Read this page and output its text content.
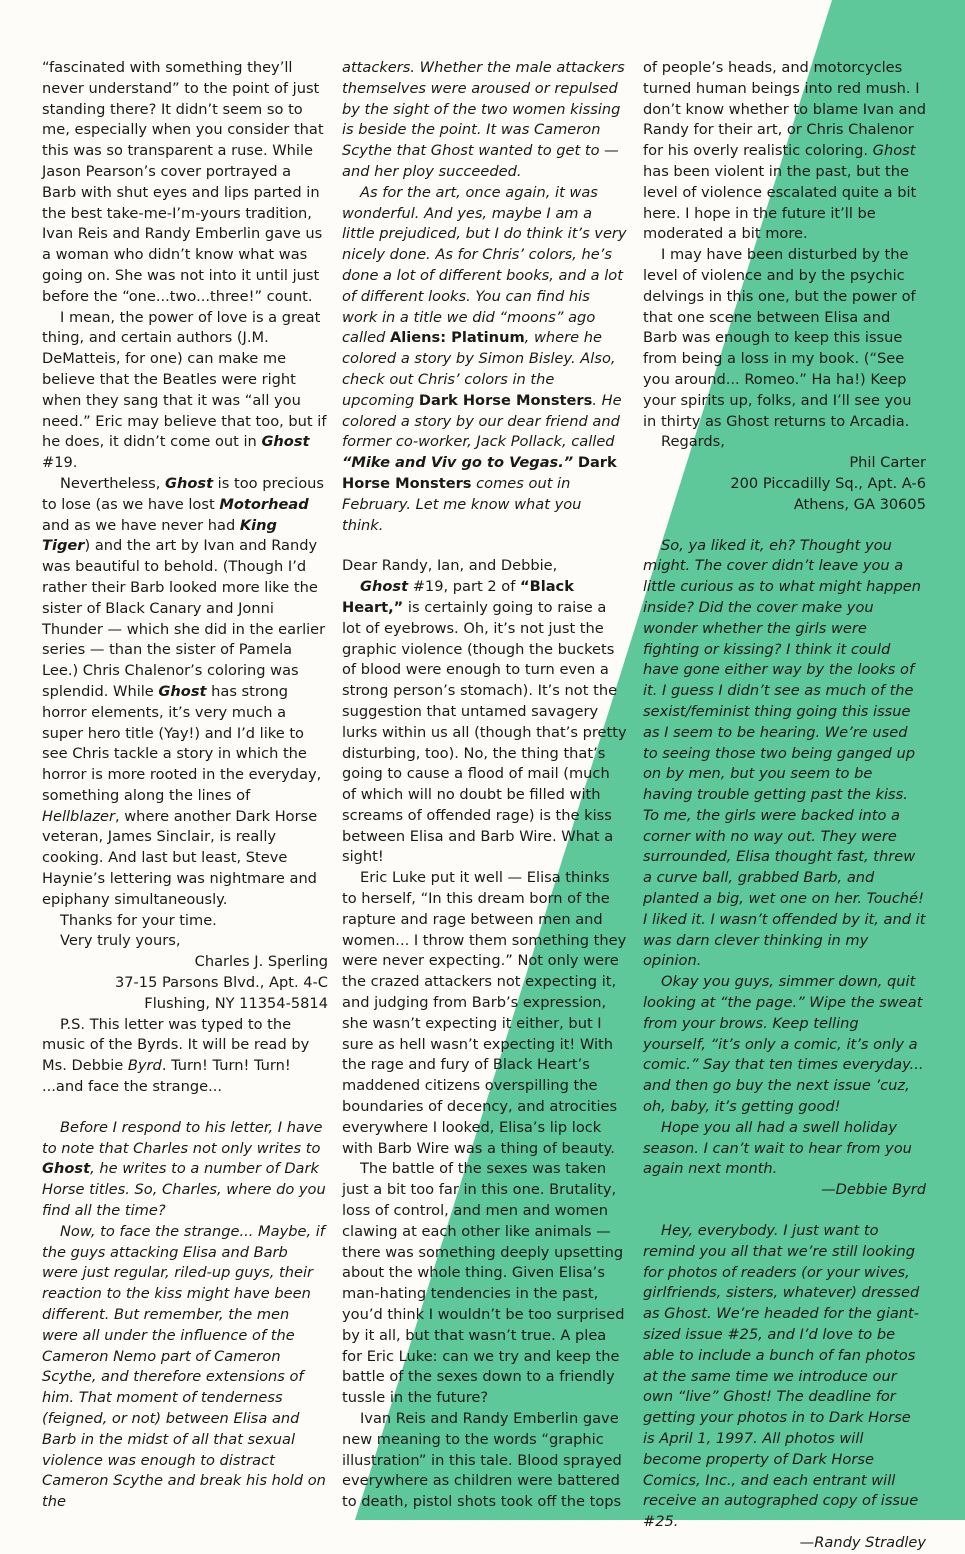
“fascinated with something they’ll never understand” to the point of just standing there? It didn’t seem so to me, especially when you consider that this was so transparent a ruse. While Jason Pearson’s cover portrayed a Barb with shut eyes and lips parted in the best take-me-I’m-yours tradition, Ivan Reis and Randy Emberlin gave us a woman who didn’t know what was going on. She was not into it until just before the “one...two...three!” count.

I mean, the power of love is a great thing, and certain authors (J.M. DeMatteis, for one) can make me believe that the Beatles were right when they sang that it was “all you need.” Eric may believe that too, but if he does, it didn’t come out in Ghost #19.

Nevertheless, Ghost is too precious to lose (as we have lost Motorhead and as we have never had King Tiger) and the art by Ivan and Randy was beautiful to behold. (Though I’d rather their Barb looked more like the sister of Black Canary and Jonni Thunder — which she did in the earlier series — than the sister of Pamela Lee.) Chris Chalenor’s coloring was splendid. While Ghost has strong horror elements, it’s very much a super hero title (Yay!) and I’d like to see Chris tackle a story in which the horror is more rooted in the everyday, something along the lines of Hellblazer, where another Dark Horse veteran, James Sinclair, is really cooking. And last but least, Steve Haynie’s lettering was nightmare and epiphany simultaneously.

Thanks for your time.

Very truly yours,

Charles J. Sperling

37-15 Parsons Blvd., Apt. 4-C

Flushing, NY 11354-5814

P.S. This letter was typed to the music of the Byrds. It will be read by Ms. Debbie Byrd. Turn! Turn! Turn! ...and face the strange...

Before I respond to his letter, I have to note that Charles not only writes to Ghost, he writes to a number of Dark Horse titles. So, Charles, where do you find all the time?

Now, to face the strange... Maybe, if the guys attacking Elisa and Barb were just regular, riled-up guys, their reaction to the kiss might have been different. But remember, the men were all under the influence of the Cameron Nemo part of Cameron Scythe, and therefore extensions of him. That moment of tenderness (feigned, or not) between Elisa and Barb in the midst of all that sexual violence was enough to distract Cameron Scythe and break his hold on the

attackers. Whether the male attackers themselves were aroused or repulsed by the sight of the two women kissing is beside the point. It was Cameron Scythe that Ghost wanted to get to — and her ploy succeeded.

As for the art, once again, it was wonderful. And yes, maybe I am a little prejudiced, but I do think it’s very nicely done. As for Chris’ colors, he’s done a lot of different books, and a lot of different looks. You can find his work in a title we did “moons” ago called Aliens: Platinum, where he colored a story by Simon Bisley. Also, check out Chris’ colors in the upcoming Dark Horse Monsters. He colored a story by our dear friend and former co-worker, Jack Pollack, called “Mike and Viv go to Vegas.” Dark Horse Monsters comes out in February. Let me know what you think.

Dear Randy, Ian, and Debbie,

Ghost #19, part 2 of “Black Heart,” is certainly going to raise a lot of eyebrows. Oh, it’s not just the graphic violence (though the buckets of blood were enough to turn even a strong person’s stomach). It’s not the suggestion that untamed savagery lurks within us all (though that’s pretty disturbing, too). No, the thing that’s going to cause a flood of mail (much of which will no doubt be filled with screams of offended rage) is the kiss between Elisa and Barb Wire. What a sight!

Eric Luke put it well — Elisa thinks to herself, “In this dream born of the rapture and rage between men and women... I throw them something they were never expecting.” Not only were the crazed attackers not expecting it, and judging from Barb’s expression, she wasn’t expecting it either, but I sure as hell wasn’t expecting it! With the rage and fury of Black Heart’s maddened citizens overspilling the boundaries of decency, and atrocities everywhere I looked, Elisa’s lip lock with Barb Wire was a thing of beauty.

The battle of the sexes was taken just a bit too far in this one. Brutality, loss of control, and men and women clawing at each other like animals — there was something deeply upsetting about the whole thing. Given Elisa’s man-hating tendencies in the past, you’d think I wouldn’t be too surprised by it all, but that wasn’t true. A plea for Eric Luke: can we try and keep the battle of the sexes down to a friendly tussle in the future?

Ivan Reis and Randy Emberlin gave new meaning to the words “graphic illustration” in this tale. Blood sprayed everywhere as children were battered to death, pistol shots took off the tops

of people’s heads, and motorcycles turned human beings into red mush. I don’t know whether to blame Ivan and Randy for their art, or Chris Chalenor for his overly realistic coloring. Ghost has been violent in the past, but the level of violence escalated quite a bit here. I hope in the future it’ll be moderated a bit more.

I may have been disturbed by the level of violence and by the psychic delvings in this one, but the power of that one scene between Elisa and Barb was enough to keep this issue from being a loss in my book. (“See you around... Romeo.” Ha ha!) Keep your spirits up, folks, and I’ll see you in thirty as Ghost returns to Arcadia.

Regards,

Phil Carter

200 Piccadilly Sq., Apt. A-6

Athens, GA 30605

So, ya liked it, eh? Thought you might. The cover didn’t leave you a little curious as to what might happen inside? Did the cover make you wonder whether the girls were fighting or kissing? I think it could have gone either way by the looks of it. I guess I didn’t see as much of the sexist/feminist thing going this issue as I seem to be hearing. We’re used to seeing those two being ganged up on by men, but you seem to be having trouble getting past the kiss. To me, the girls were backed into a corner with no way out. They were surrounded, Elisa thought fast, threw a curve ball, grabbed Barb, and planted a big, wet one on her. Touché! I liked it. I wasn’t offended by it, and it was darn clever thinking in my opinion.

Okay you guys, simmer down, quit looking at “the page.” Wipe the sweat from your brows. Keep telling yourself, “it’s only a comic, it’s only a comic.” Say that ten times everyday... and then go buy the next issue ’cuz, oh, baby, it’s getting good!

Hope you all had a swell holiday season. I can’t wait to hear from you again next month.

—Debbie Byrd

Hey, everybody. I just want to remind you all that we’re still looking for photos of readers (or your wives, girlfriends, sisters, whatever) dressed as Ghost. We’re headed for the giant-sized issue #25, and I’d love to be able to include a bunch of fan photos at the same time we introduce our own “live” Ghost! The deadline for getting your photos in to Dark Horse is April 1, 1997. All photos will become property of Dark Horse Comics, Inc., and each entrant will receive an autographed copy of issue #25.

—Randy Stradley
